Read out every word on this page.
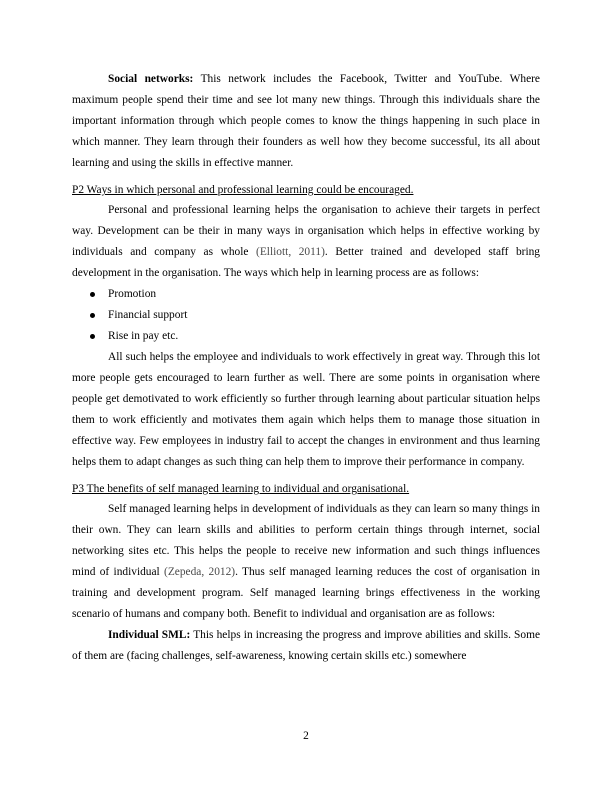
Social networks: This network includes the Facebook, Twitter and YouTube. Where maximum people spend their time and see lot many new things. Through this individuals share the important information through which people comes to know the things happening in such place in which manner. They learn through their founders as well how they become successful, its all about learning and using the skills in effective manner.

P2 Ways in which personal and professional learning could be encouraged.

Personal and professional learning helps the organisation to achieve their targets in perfect way. Development can be their in many ways in organisation which helps in effective working by individuals and company as whole (Elliott, 2011). Better trained and developed staff bring development in the organisation. The ways which help in learning process are as follows:

Promotion
Financial support
Rise in pay etc.

All such helps the employee and individuals to work effectively in great way. Through this lot more people gets encouraged to learn further as well. There are some points in organisation where people get demotivated to work efficiently so further through learning about particular situation helps them to work efficiently and motivates them again which helps them to manage those situation in effective way. Few employees in industry fail to accept the changes in environment and thus learning helps them to adapt changes as such thing can help them to improve their performance in company.

P3 The benefits of self managed learning to individual and organisational.

Self managed learning helps in development of individuals as they can learn so many things in their own. They can learn skills and abilities to perform certain things through internet, social networking sites etc. This helps the people to receive new information and such things influences mind of individual (Zepeda, 2012). Thus self managed learning reduces the cost of organisation in training and development program. Self managed learning brings effectiveness in the working scenario of humans and company both. Benefit to individual and organisation are as follows:

Individual SML: This helps in increasing the progress and improve abilities and skills. Some of them are (facing challenges, self-awareness, knowing certain skills etc.) somewhere

2
